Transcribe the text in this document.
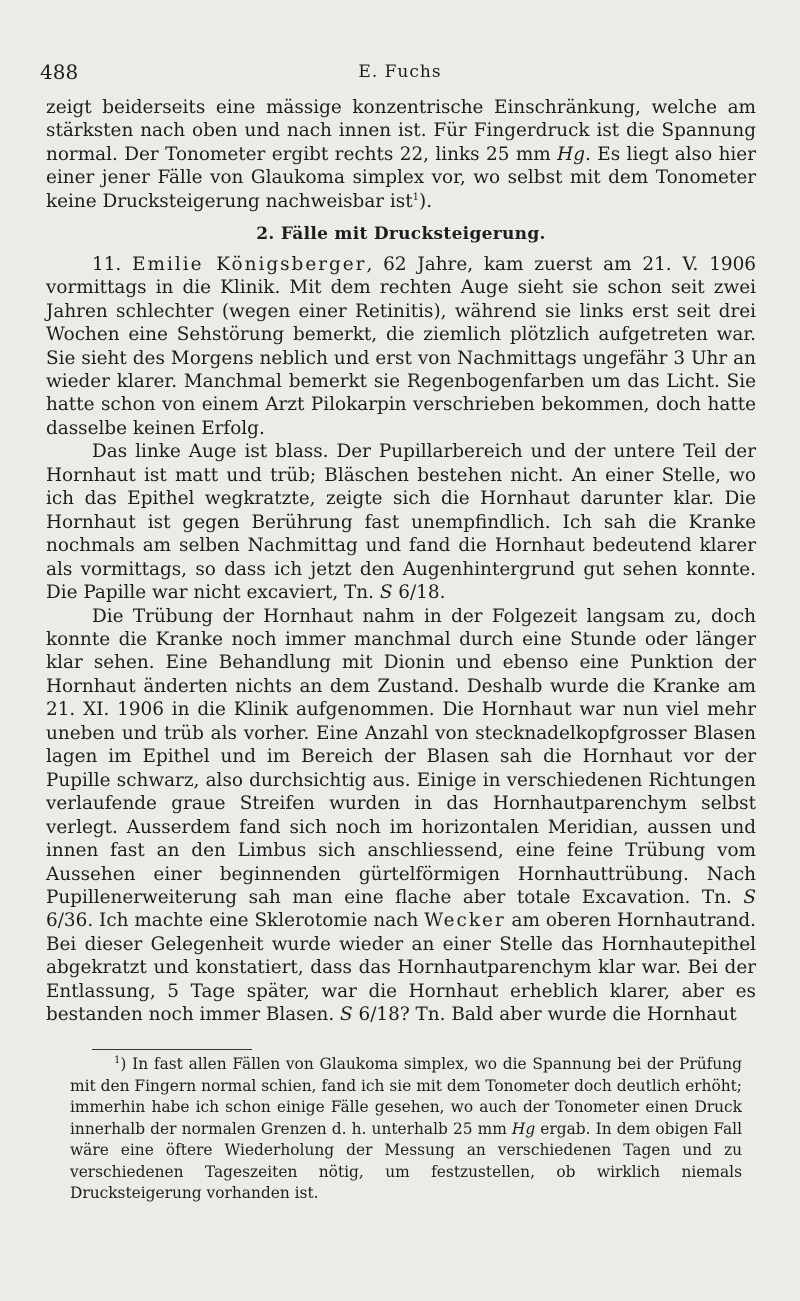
488	E. Fuchs

zeigt beiderseits eine mässige konzentrische Einschränkung, welche am stärksten nach oben und nach innen ist. Für Fingerdruck ist die Spannung normal. Der Tonometer ergibt rechts 22, links 25 mm Hg. Es liegt also hier einer jener Fälle von Glaukoma simplex vor, wo selbst mit dem Tonometer keine Drucksteigerung nachweisbar ist$^1$).

2. Fälle mit Drucksteigerung.

11. Emilie Königsberger, 62 Jahre, kam zuerst am 21. V. 1906 vormittags in die Klinik. Mit dem rechten Auge sieht sie schon seit zwei Jahren schlechter (wegen einer Retinitis), während sie links erst seit drei Wochen eine Sehstörung bemerkt, die ziemlich plötzlich aufgetreten war. Sie sieht des Morgens neblich und erst von Nachmittags ungefähr 3 Uhr an wieder klarer. Manchmal bemerkt sie Regenbogenfarben um das Licht. Sie hatte schon von einem Arzt Pilokarpin verschrieben bekommen, doch hatte dasselbe keinen Erfolg.

Das linke Auge ist blass. Der Pupillarbereich und der untere Teil der Hornhaut ist matt und trüb; Bläschen bestehen nicht. An einer Stelle, wo ich das Epithel wegkratzte, zeigte sich die Hornhaut darunter klar. Die Hornhaut ist gegen Berührung fast unempfindlich. Ich sah die Kranke nochmals am selben Nachmittag und fand die Hornhaut bedeutend klarer als vormittags, so dass ich jetzt den Augenhintergrund gut sehen konnte. Die Papille war nicht excaviert, Tn. S 6/18.

Die Trübung der Hornhaut nahm in der Folgezeit langsam zu, doch konnte die Kranke noch immer manchmal durch eine Stunde oder länger klar sehen. Eine Behandlung mit Dionin und ebenso eine Punktion der Hornhaut änderten nichts an dem Zustand. Deshalb wurde die Kranke am 21. XI. 1906 in die Klinik aufgenommen. Die Hornhaut war nun viel mehr uneben und trüb als vorher. Eine Anzahl von stecknadelkopfgrosser Blasen lagen im Epithel und im Bereich der Blasen sah die Hornhaut vor der Pupille schwarz, also durchsichtig aus. Einige in verschiedenen Richtungen verlaufende graue Streifen wurden in das Hornhautparenchym selbst verlegt. Ausserdem fand sich noch im horizontalen Meridian, aussen und innen fast an den Limbus sich anschliessend, eine feine Trübung vom Aussehen einer beginnenden gürtelförmigen Hornhauttrübung. Nach Pupillenerweiterung sah man eine flache aber totale Excavation. Tn. S 6/36. Ich machte eine Sklerotomie nach Wecker am oberen Hornhautrand. Bei dieser Gelegenheit wurde wieder an einer Stelle das Hornhautepithel abgekratzt und konstatiert, dass das Hornhautparenchym klar war. Bei der Entlassung, 5 Tage später, war die Hornhaut erheblich klarer, aber es bestanden noch immer Blasen. S 6/18? Tn. Bald aber wurde die Hornhaut

$^1$) In fast allen Fällen von Glaukoma simplex, wo die Spannung bei der Prüfung mit den Fingern normal schien, fand ich sie mit dem Tonometer doch deutlich erhöht; immerhin habe ich schon einige Fälle gesehen, wo auch der Tonometer einen Druck innerhalb der normalen Grenzen d. h. unterhalb 25 mm Hg ergab. In dem obigen Fall wäre eine öftere Wiederholung der Messung an verschiedenen Tagen und zu verschiedenen Tageszeiten nötig, um festzustellen, ob wirklich niemals Drucksteigerung vorhanden ist.
